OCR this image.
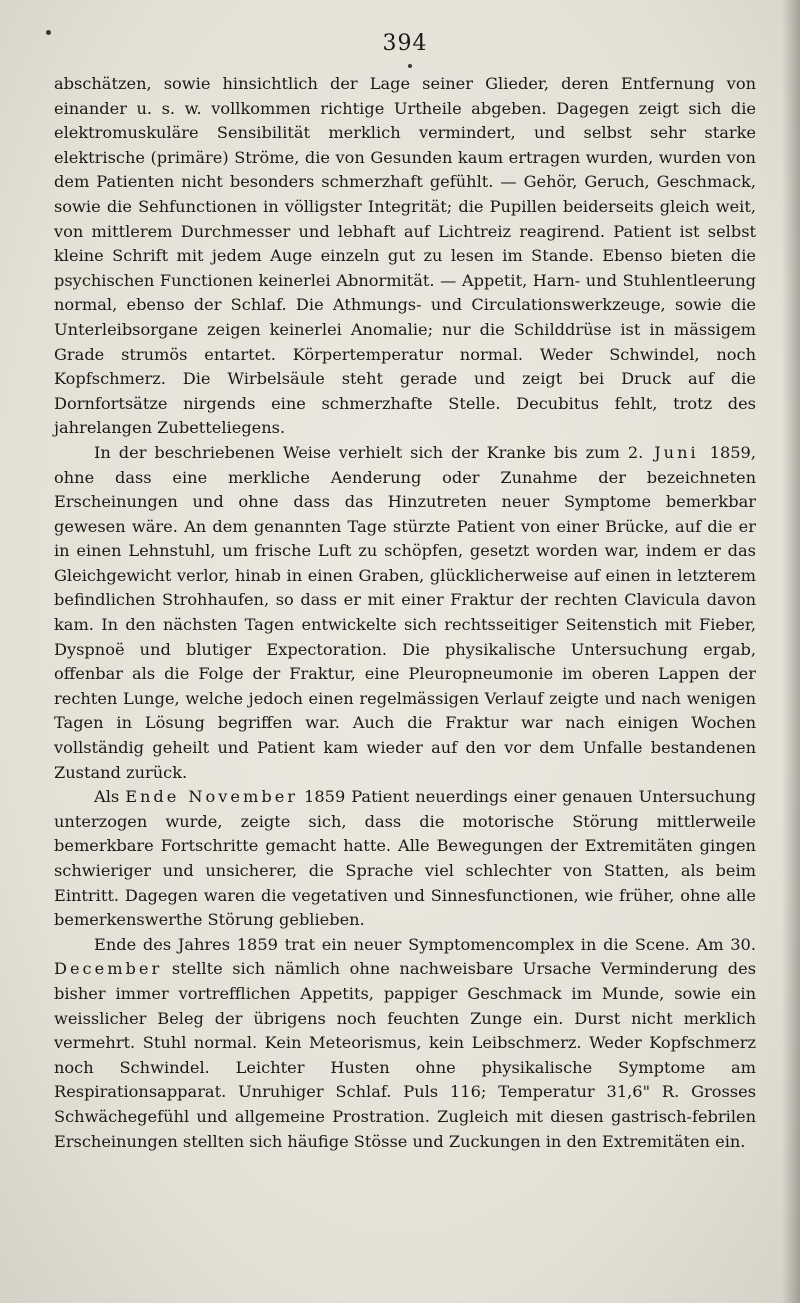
394

abschätzen, sowie hinsichtlich der Lage seiner Glieder, deren Entfernung von einander u. s. w. vollkommen richtige Urtheile abgeben. Dagegen zeigt sich die elektromuskuläre Sensibilität merklich vermindert, und selbst sehr starke elektrische (primäre) Ströme, die von Gesunden kaum ertragen wurden, wurden von dem Patienten nicht besonders schmerzhaft gefühlt. — Gehör, Geruch, Geschmack, sowie die Sehfunctionen in völligster Integrität; die Pupillen beiderseits gleich weit, von mittlerem Durchmesser und lebhaft auf Lichtreiz reagirend. Patient ist selbst kleine Schrift mit jedem Auge einzeln gut zu lesen im Stande. Ebenso bieten die psychischen Functionen keinerlei Abnormität. — Appetit, Harn- und Stuhlentleerung normal, ebenso der Schlaf. Die Athmungs- und Circulationswerkzeuge, sowie die Unterleibsorgane zeigen keinerlei Anomalie; nur die Schilddrüse ist in mässigem Grade strumös entartet. Körpertemperatur normal. Weder Schwindel, noch Kopfschmerz. Die Wirbelsäule steht gerade und zeigt bei Druck auf die Dornfortsätze nirgends eine schmerzhafte Stelle. Decubitus fehlt, trotz des jahrelangen Zubetteliegens.

In der beschriebenen Weise verhielt sich der Kranke bis zum 2. Juni 1859, ohne dass eine merkliche Aenderung oder Zunahme der bezeichneten Erscheinungen und ohne dass das Hinzutreten neuer Symptome bemerkbar gewesen wäre. An dem genannten Tage stürzte Patient von einer Brücke, auf die er in einen Lehnstuhl, um frische Luft zu schöpfen, gesetzt worden war, indem er das Gleichgewicht verlor, hinab in einen Graben, glücklicherweise auf einen in letzterem befindlichen Strohhaufen, so dass er mit einer Fraktur der rechten Clavicula davon kam. In den nächsten Tagen entwickelte sich rechtsseitiger Seitenstich mit Fieber, Dyspnoë und blutiger Expectoration. Die physikalische Untersuchung ergab, offenbar als die Folge der Fraktur, eine Pleuropneumonie im oberen Lappen der rechten Lunge, welche jedoch einen regelmässigen Verlauf zeigte und nach wenigen Tagen in Lösung begriffen war. Auch die Fraktur war nach einigen Wochen vollständig geheilt und Patient kam wieder auf den vor dem Unfalle bestandenen Zustand zurück.

Als Ende November 1859 Patient neuerdings einer genauen Untersuchung unterzogen wurde, zeigte sich, dass die motorische Störung mittlerweile bemerkbare Fortschritte gemacht hatte. Alle Bewegungen der Extremitäten gingen schwieriger und unsicherer, die Sprache viel schlechter von Statten, als beim Eintritt. Dagegen waren die vegetativen und Sinnesfunctionen, wie früher, ohne alle bemerkenswerthe Störung geblieben.

Ende des Jahres 1859 trat ein neuer Symptomencomplex in die Scene. Am 30. December stellte sich nämlich ohne nachweisbare Ursache Verminderung des bisher immer vortrefflichen Appetits, pappiger Geschmack im Munde, sowie ein weisslicher Beleg der übrigens noch feuchten Zunge ein. Durst nicht merklich vermehrt. Stuhl normal. Kein Meteorismus, kein Leibschmerz. Weder Kopfschmerz noch Schwindel. Leichter Husten ohne physikalische Symptome am Respirationsapparat. Unruhiger Schlaf. Puls 116; Temperatur 31,6" R. Grosses Schwächegefühl und allgemeine Prostration. Zugleich mit diesen gastrisch-febrilen Erscheinungen stellten sich häufige Stösse und Zuckungen in den Extremitäten ein.
